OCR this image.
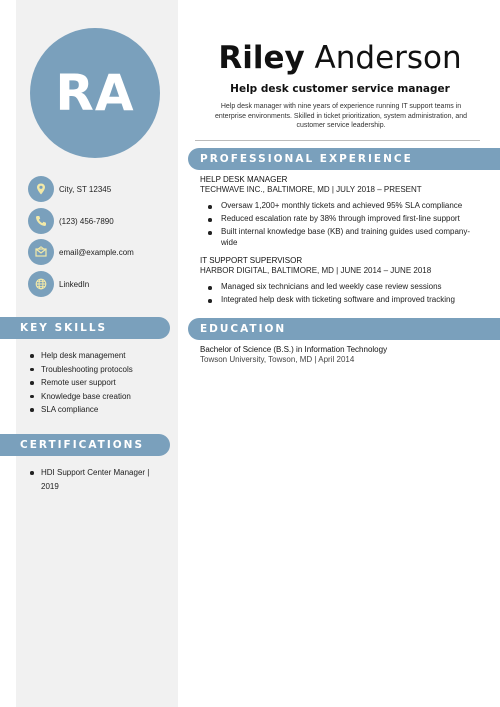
RA
City, ST 12345
(123) 456-7890
email@example.com
LinkedIn
KEY SKILLS
Help desk management
Troubleshooting protocols
Remote user support
Knowledge base creation
SLA compliance
CERTIFICATIONS
HDI Support Center Manager | 2019
Riley Anderson
Help desk customer service manager
Help desk manager with nine years of experience running IT support teams in enterprise environments. Skilled in ticket prioritization, system administration, and customer service leadership.
PROFESSIONAL EXPERIENCE
HELP DESK MANAGER
TECHWAVE INC., BALTIMORE, MD | JULY 2018 – PRESENT
Oversaw 1,200+ monthly tickets and achieved 95% SLA compliance
Reduced escalation rate by 38% through improved first-line support
Built internal knowledge base (KB) and training guides used company-wide
IT SUPPORT SUPERVISOR
HARBOR DIGITAL, BALTIMORE, MD | JUNE 2014 – JUNE 2018
Managed six technicians and led weekly case review sessions
Integrated help desk with ticketing software and improved tracking
EDUCATION
Bachelor of Science (B.S.) in Information Technology
Towson University, Towson, MD | April 2014
